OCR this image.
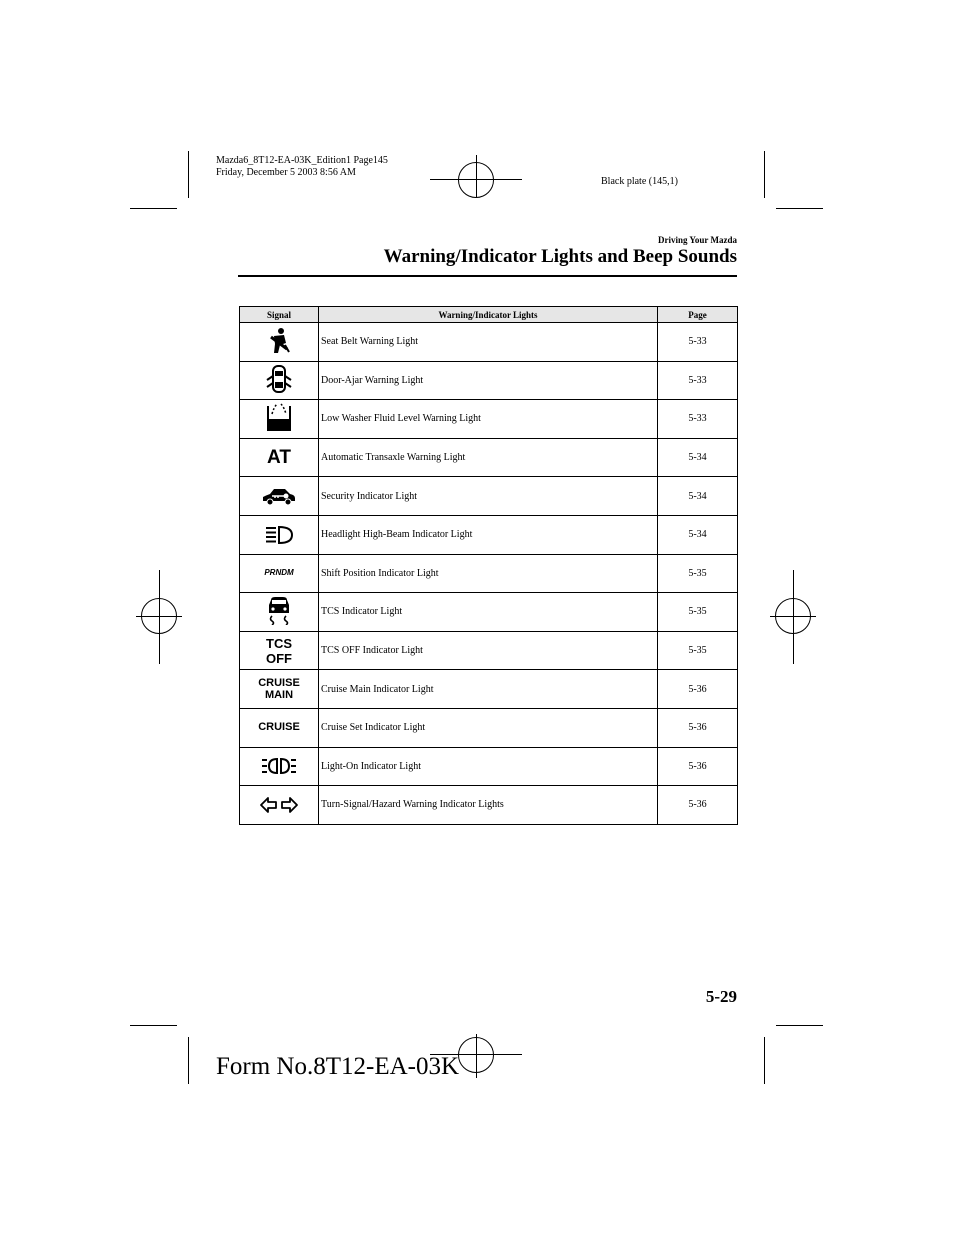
Mazda6_8T12-EA-03K_Edition1 Page145
Friday, December 5 2003 8:56 AM
Black plate (145,1)
Driving Your Mazda
Warning/Indicator Lights and Beep Sounds
Signal	Warning/Indicator Lights	Page

	Seat Belt Warning Light	5-33

	Door-Ajar Warning Light	5-33

	Low Washer Fluid Level Warning Light	5-33
AT	Automatic Transaxle Warning Light	5-34

	Security Indicator Light	5-34

	Headlight High-Beam Indicator Light	5-34
PRNDM	Shift Position Indicator Light	5-35

	TCS Indicator Light	5-35

TCS
OFF	TCS OFF Indicator Light	5-35

CRUISE
MAIN	Cruise Main Indicator Light	5-36
CRUISE	Cruise Set Indicator Light	5-36

	Light-On Indicator Light	5-36

	Turn-Signal/Hazard Warning Indicator Lights	5-36
5-29
Form No.8T12-EA-03K
